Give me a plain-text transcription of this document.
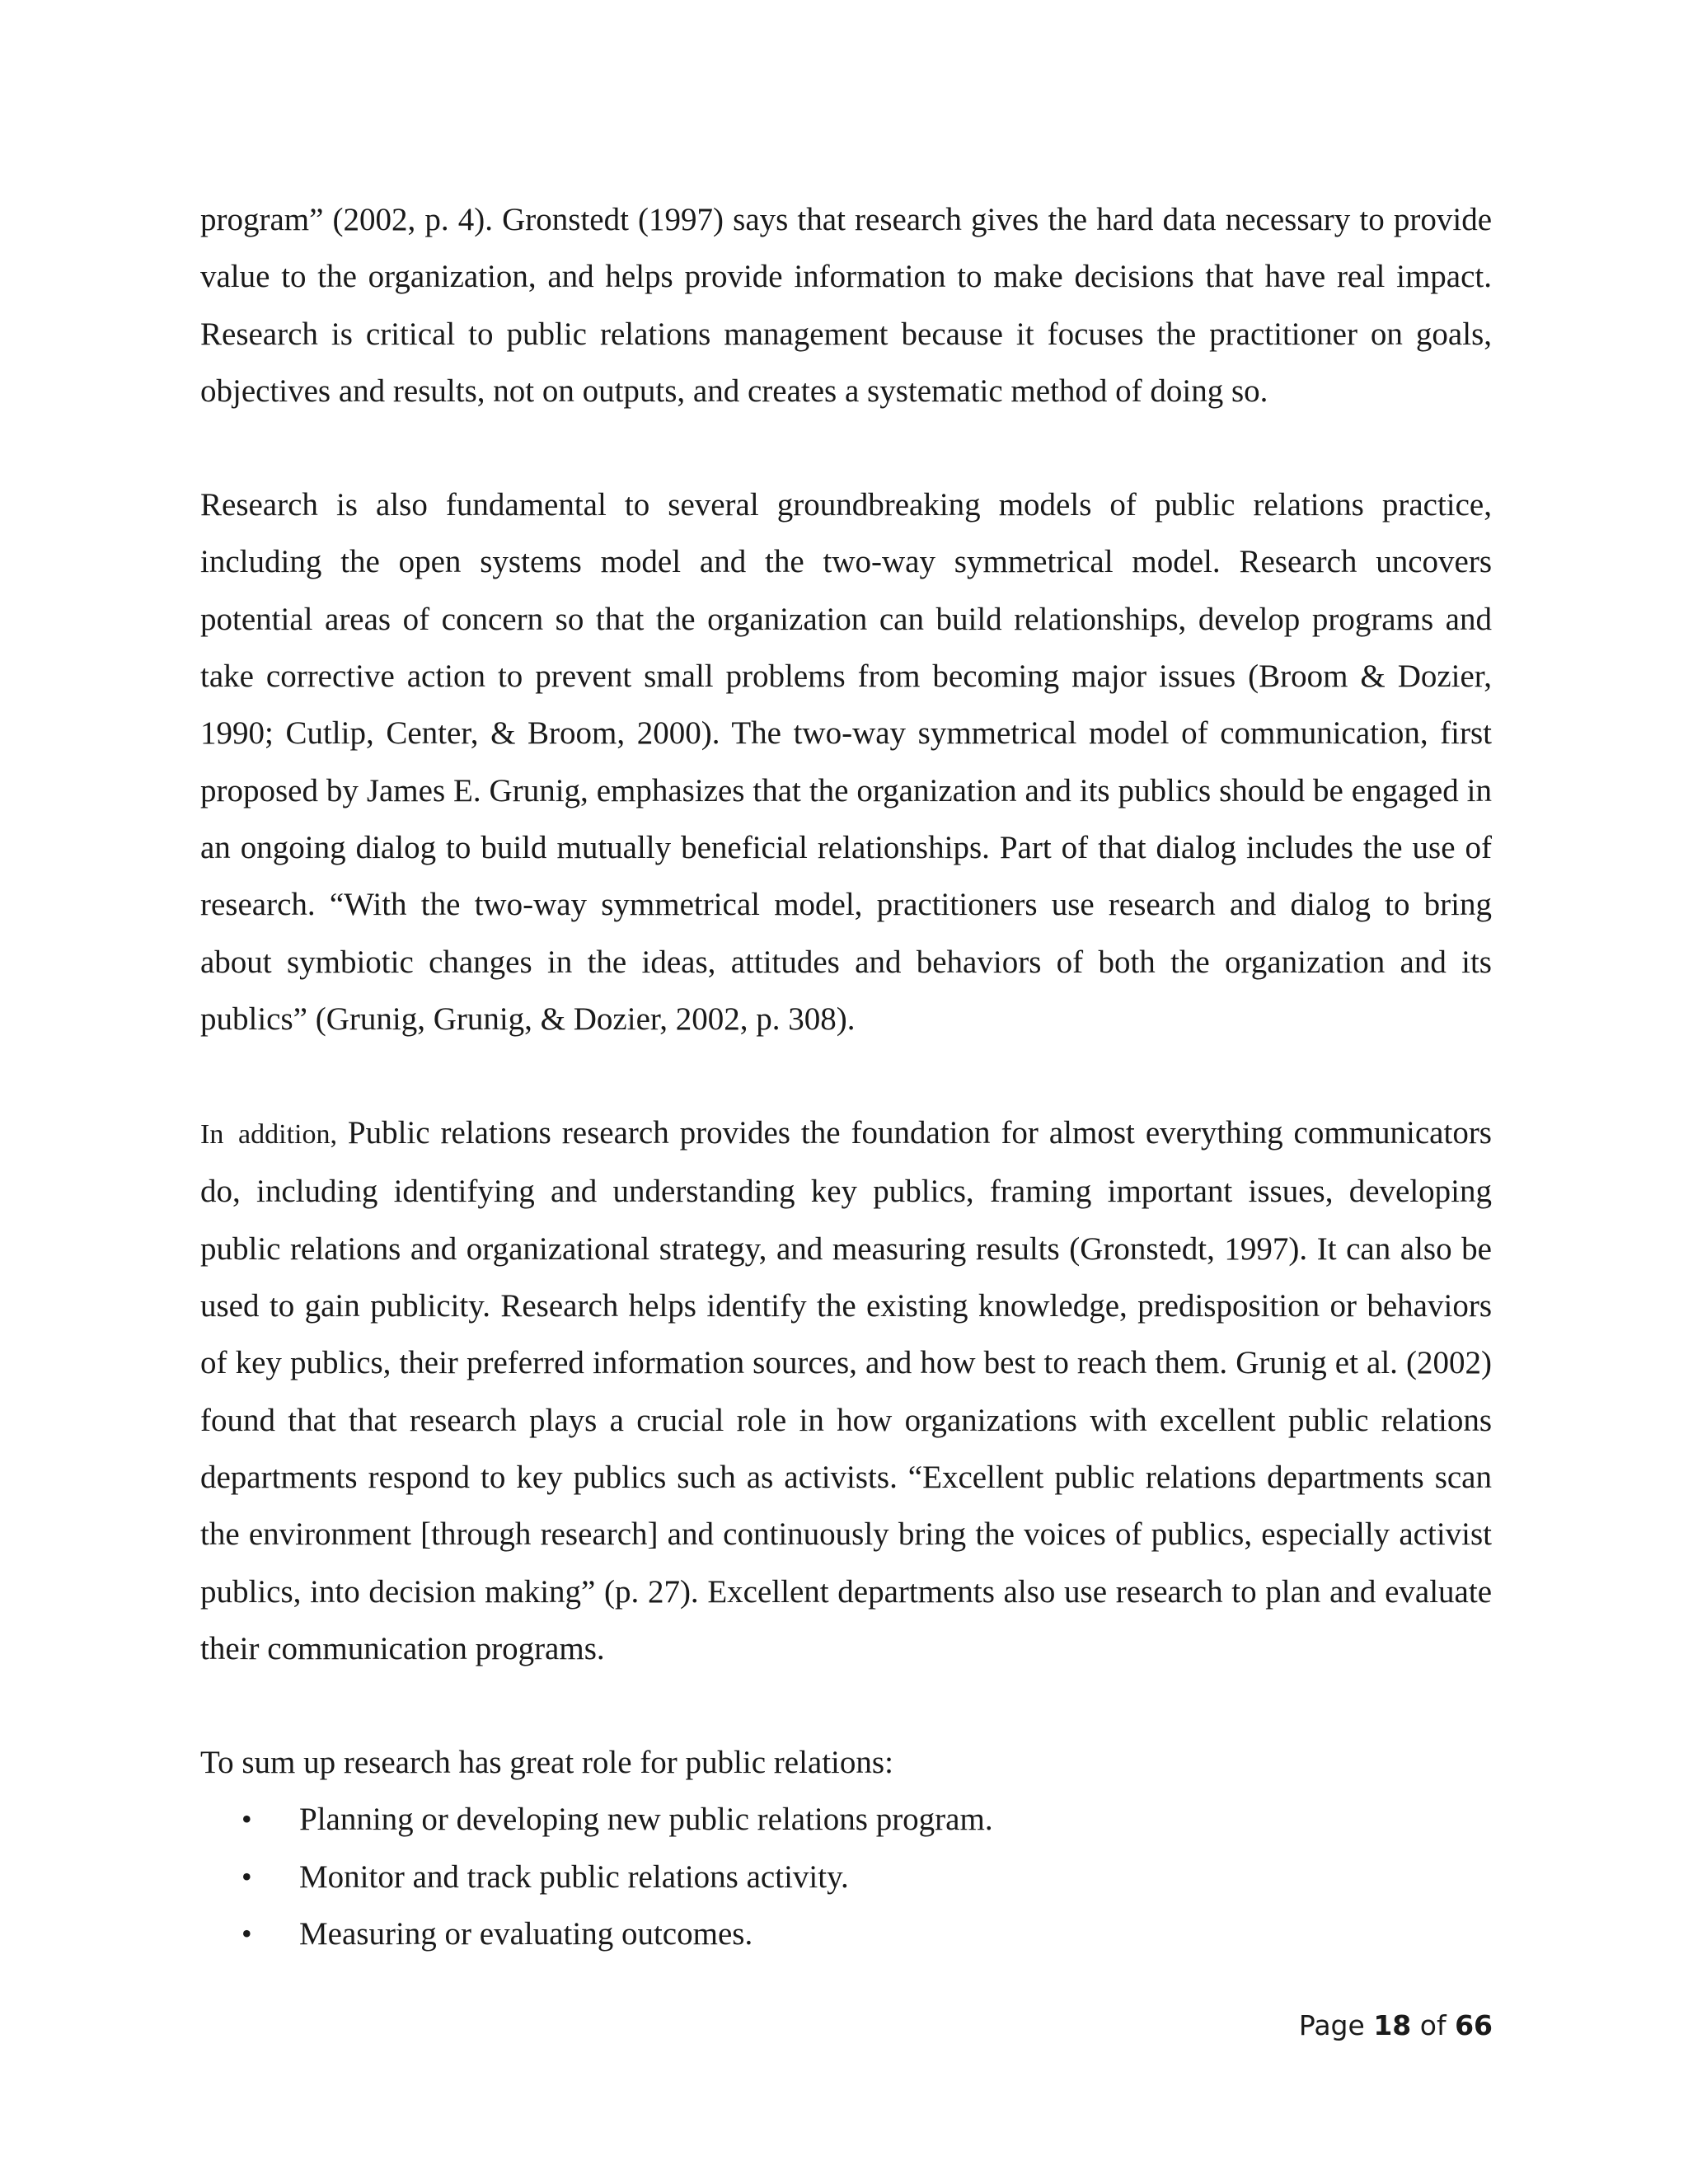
program” (2002, p. 4). Gronstedt (1997) says that research gives the hard data necessary to provide value to the organization, and helps provide information to make decisions that have real impact. Research is critical to public relations management because it focuses the practitioner on goals, objectives and results, not on outputs, and creates a systematic method of doing so.

Research is also fundamental to several groundbreaking models of public relations practice, including the open systems model and the two-way symmetrical model. Research uncovers potential areas of concern so that the organization can build relationships, develop programs and take corrective action to prevent small problems from becoming major issues (Broom & Dozier, 1990; Cutlip, Center, & Broom, 2000). The two-way symmetrical model of communication, first proposed by James E. Grunig, emphasizes that the organization and its publics should be engaged in an ongoing dialog to build mutually beneficial relationships. Part of that dialog includes the use of research. “With the two-way symmetrical model, practitioners use research and dialog to bring about symbiotic changes in the ideas, attitudes and behaviors of both the organization and its publics” (Grunig, Grunig, & Dozier, 2002, p. 308).

In addition, Public relations research provides the foundation for almost everything communicators do, including identifying and understanding key publics, framing important issues, developing public relations and organizational strategy, and measuring results (Gronstedt, 1997). It can also be used to gain publicity. Research helps identify the existing knowledge, predisposition or behaviors of key publics, their preferred information sources, and how best to reach them. Grunig et al. (2002) found that that research plays a crucial role in how organizations with excellent public relations departments respond to key publics such as activists. “Excellent public relations departments scan the environment [through research] and continuously bring the voices of publics, especially activist publics, into decision making” (p. 27). Excellent departments also use research to plan and evaluate their communication programs.

To sum up research has great role for public relations:

• Planning or developing new public relations program.
• Monitor and track public relations activity.
• Measuring or evaluating outcomes.
Page 18 of 66
